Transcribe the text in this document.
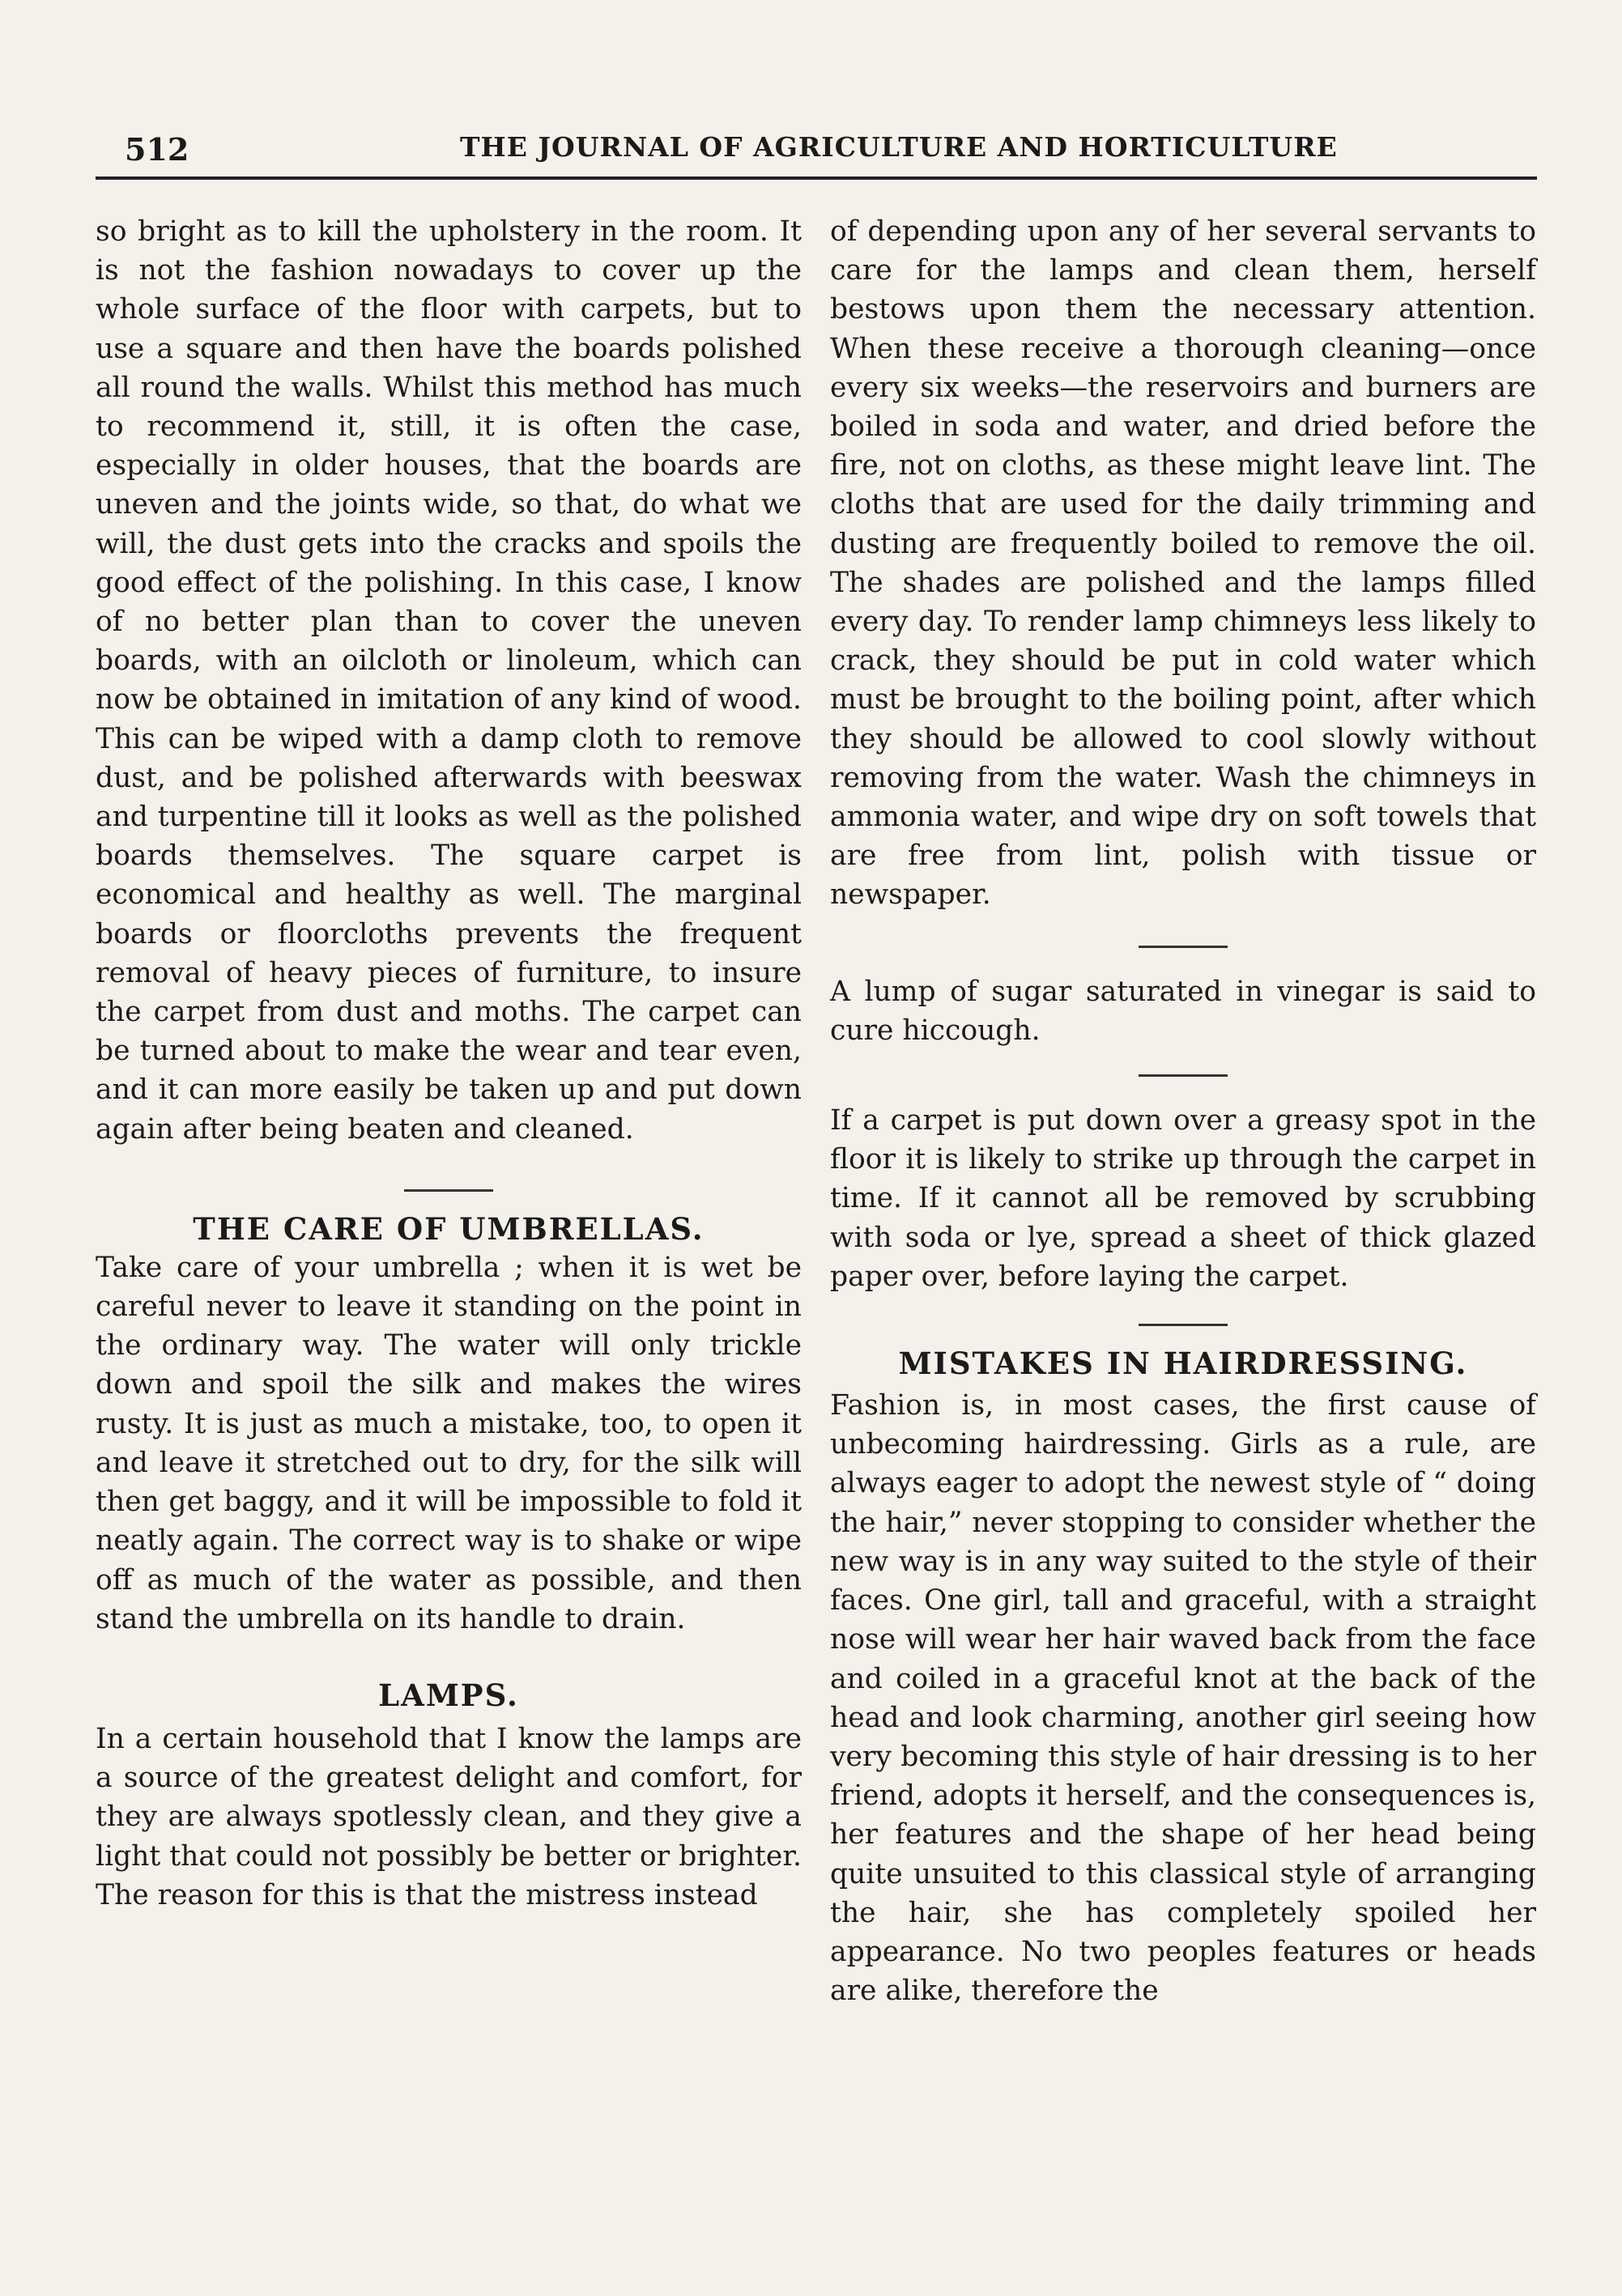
512	THE JOURNAL OF AGRICULTURE AND HORTICULTURE

so bright as to kill the upholstery in the room. It is not the fashion nowadays to cover up the whole surface of the floor with carpets, but to use a square and then have the boards polished all round the walls. Whilst this method has much to recommend it, still, it is often the case, especially in older houses, that the boards are uneven and the joints wide, so that, do what we will, the dust gets into the cracks and spoils the good effect of the polishing. In this case, I know of no better plan than to cover the uneven boards, with an oilcloth or linoleum, which can now be obtained in imitation of any kind of wood. This can be wiped with a damp cloth to remove dust, and be polished afterwards with beeswax and turpentine till it looks as well as the polished boards themselves. The square carpet is economical and healthy as well. The marginal boards or floorcloths prevents the frequent removal of heavy pieces of furniture, to insure the carpet from dust and moths. The carpet can be turned about to make the wear and tear even, and it can more easily be taken up and put down again after being beaten and cleaned.

THE CARE OF UMBRELLAS.

Take care of your umbrella ; when it is wet be careful never to leave it standing on the point in the ordinary way. The water will only trickle down and spoil the silk and makes the wires rusty. It is just as much a mistake, too, to open it and leave it stretched out to dry, for the silk will then get baggy, and it will be impossible to fold it neatly again. The correct way is to shake or wipe off as much of the water as possible, and then stand the umbrella on its handle to drain.

LAMPS.

In a certain household that I know the lamps are a source of the greatest delight and comfort, for they are always spotlessly clean, and they give a light that could not possibly be better or brighter. The reason for this is that the mistress instead

of depending upon any of her several servants to care for the lamps and clean them, herself bestows upon them the necessary attention. When these receive a thorough cleaning—once every six weeks—the reservoirs and burners are boiled in soda and water, and dried before the fire, not on cloths, as these might leave lint. The cloths that are used for the daily trimming and dusting are frequently boiled to remove the oil. The shades are polished and the lamps filled every day. To render lamp chimneys less likely to crack, they should be put in cold water which must be brought to the boiling point, after which they should be allowed to cool slowly without removing from the water. Wash the chimneys in ammonia water, and wipe dry on soft towels that are free from lint, polish with tissue or newspaper.

A lump of sugar saturated in vinegar is said to cure hiccough.

If a carpet is put down over a greasy spot in the floor it is likely to strike up through the carpet in time. If it cannot all be removed by scrubbing with soda or lye, spread a sheet of thick glazed paper over, before laying the carpet.

MISTAKES IN HAIRDRESSING.

Fashion is, in most cases, the first cause of unbecoming hairdressing. Girls as a rule, are always eager to adopt the newest style of “ doing the hair,” never stopping to consider whether the new way is in any way suited to the style of their faces. One girl, tall and graceful, with a straight nose will wear her hair waved back from the face and coiled in a graceful knot at the back of the head and look charming, another girl seeing how very becoming this style of hair dressing is to her friend, adopts it herself, and the consequences is, her features and the shape of her head being quite unsuited to this classical style of arranging the hair, she has completely spoiled her appearance. No two peoples features or heads are alike, therefore the
